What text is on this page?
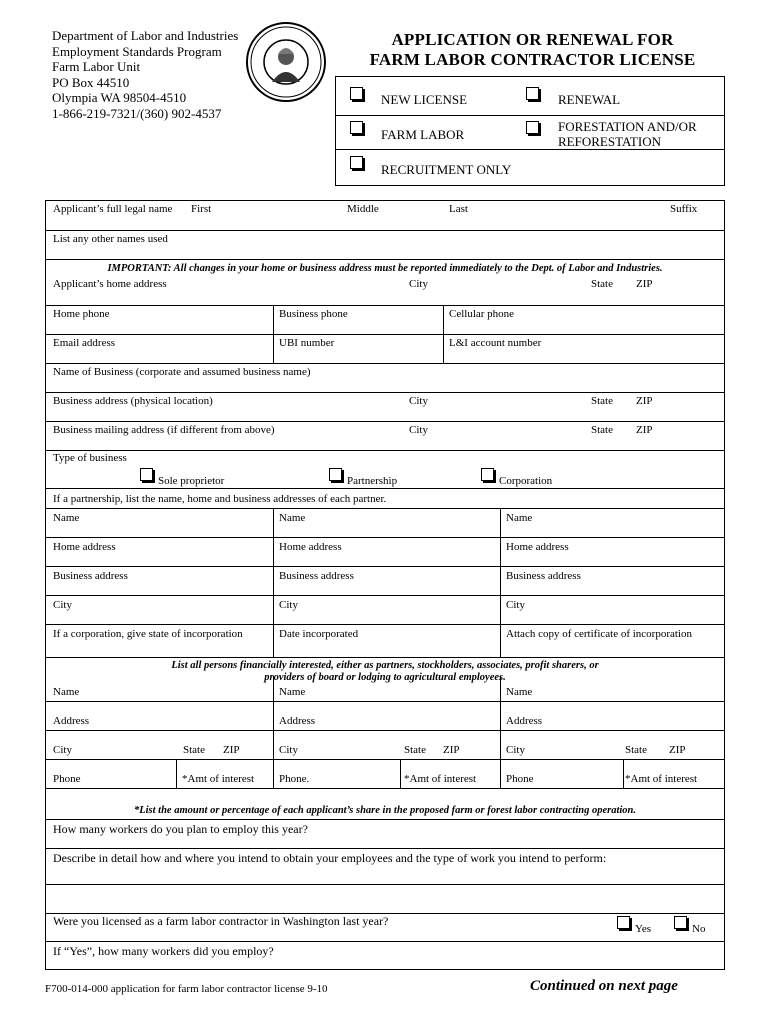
Department of Labor and Industries
Employment Standards Program
Farm Labor Unit
PO Box 44510
Olympia WA 98504-4510
1-866-219-7321/(360) 902-4537
APPLICATION OR RENEWAL FOR
FARM LABOR CONTRACTOR LICENSE
NEW LICENSE	RENEWAL
FARM LABOR
FORESTATION AND/OR
REFORESTATION
RECRUITMENT ONLY
Applicant’s full legal name First	Middle	Last	Suffix
List any other names used
IMPORTANT: All changes in your home or business address must be reported immediately to the Dept. of Labor and Industries.
Applicant’s home address	City	State ZIP
Home phone	Business phone	Cellular phone
Email address	UBI number	L&I account number
Name of Business (corporate and assumed business name)
Business address (physical location)	City	State ZIP
Business mailing address (if different from above)	City	State ZIP
Type of business
Sole proprietor	Partnership	Corporation
If a partnership, list the name, home and business addresses of each partner.
Name	Name	Name
Home address	Home address	Home address
Business address	Business address	Business address
City	City	City
If a corporation, give state of incorporation	Date incorporated	Attach copy of certificate of incorporation
List all persons financially interested, either as partners, stockholders, associates, profit sharers, or
providers of board or lodging to agricultural employees.
Name	Name	Name
Address	Address	Address
City	State ZIP	City	State ZIP	City	State ZIP
Phone	*Amt of interest Phone.	*Amt of interest	Phone	*Amt of interest
*List the amount or percentage of each applicant’s share in the proposed farm or forest labor contracting operation.
How many workers do you plan to employ this year?
Describe in detail how and where you intend to obtain your employees and the type of work you intend to perform:
Were you licensed as a farm labor contractor in Washington last year?
Yes	No
If “Yes”, how many workers did you employ?
F700-014-000 application for farm labor contractor license 9-10	Continued on next page
